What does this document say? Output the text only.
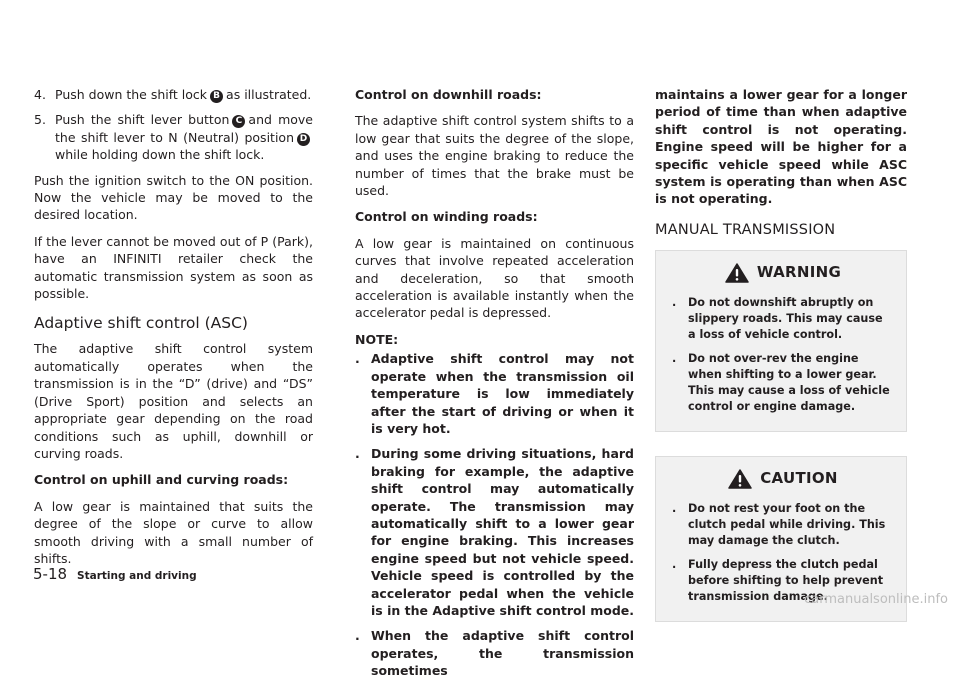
4. Push down the shift lock B as illustrated.
5. Push the shift lever button C and move the shift lever to N (Neutral) position Dwhile holding down the shift lock.

Push the ignition switch to the ON position. Now the vehicle may be moved to the desired location.

If the lever cannot be moved out of P (Park), have an INFINITI retailer check the automatic transmission system as soon as possible.

Adaptive shift control (ASC)

The adaptive shift control system automatically operates when the transmission is in the “D” (drive) and “DS” (Drive Sport) position and selects an appropriate gear depending on the road conditions such as uphill, downhill or curving roads.

Control on uphill and curving roads:

A low gear is maintained that suits the degree of the slope or curve to allow smooth driving with a small number of shifts.

Control on downhill roads:

The adaptive shift control system shifts to a low gear that suits the degree of the slope, and uses the engine braking to reduce the number of times that the brake must be used.

Control on winding roads:

A low gear is maintained on continuous curves that involve repeated acceleration and deceleration, so that smooth acceleration is available instantly when the accelerator pedal is depressed.

NOTE:
. Adaptive shift control may not operate when the transmission oil temperature is low immediately after the start of driving or when it is very hot.
. During some driving situations, hard braking for example, the adaptive shift control may automatically operate. The transmission may automatically shift to a lower gear for engine braking. This increases engine speed but not vehicle speed. Vehicle speed is controlled by the accelerator pedal when the vehicle is in the Adaptive shift control mode.
. When the adaptive shift control operates, the transmission sometimes

maintains a lower gear for a longer period of time than when adaptive shift control is not operating. Engine speed will be higher for a specific vehicle speed while ASC system is operating than when ASC is not operating.

MANUAL TRANSMISSION
WARNING
.	Do not downshift abruptly on slippery roads. This may cause a loss of vehicle control.
.	Do not over-rev the engine when shifting to a lower gear. This may cause a loss of vehicle control or engine damage.
CAUTION
.	Do not rest your foot on the clutch pedal while driving. This may damage the clutch.
.	Fully depress the clutch pedal before shifting to help prevent transmission damage.
5-18 Starting and driving
carmanualsonline.info
